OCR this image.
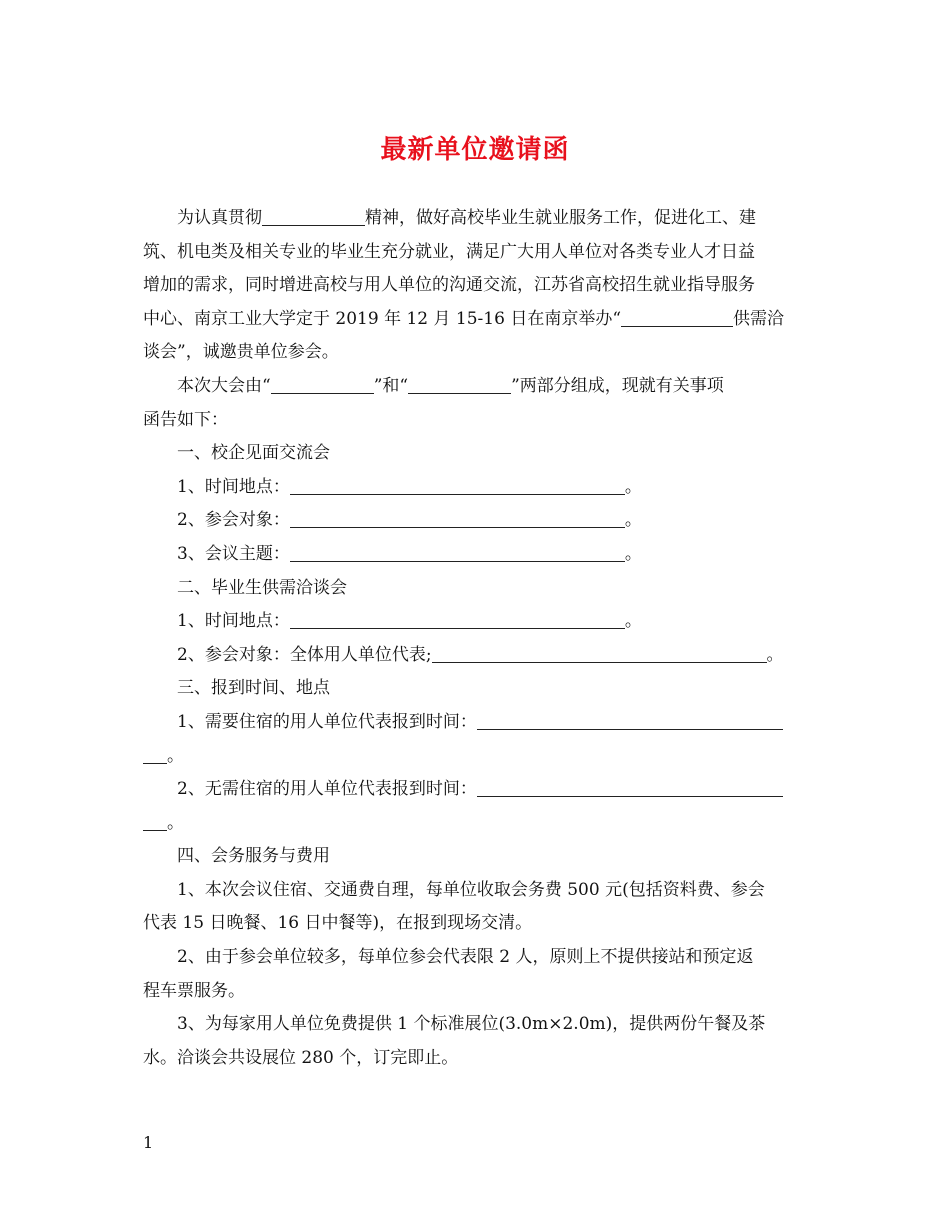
最新单位邀请函
为认真贯彻	精神，做好高校毕业生就业服务工作，促进化工、建
筑、机电类及相关专业的毕业生充分就业，满足广大用人单位对各类专业人才日益
增加的需求，同时增进高校与用人单位的沟通交流，江苏省高校招生就业指导服务
中心、南京工业大学定于 2019 年 12 月 15-16 日在南京举办“	供需洽
谈会”，诚邀贵单位参会。
本次大会由“	”和“	”两部分组成，现就有关事项
函告如下：
一、校企见面交流会
1、时间地点：	。
2、参会对象：	。
3、会议主题：	。
二、毕业生供需洽谈会
1、时间地点：	。
2、参会对象：全体用人单位代表;	。
三、报到时间、地点
1、需要住宿的用人单位代表报到时间：
。
2、无需住宿的用人单位代表报到时间：
。
四、会务服务与费用
1、本次会议住宿、交通费自理，每单位收取会务费 500 元(包括资料费、参会
代表 15 日晚餐、16 日中餐等)，在报到现场交清。
2、由于参会单位较多，每单位参会代表限 2 人，原则上不提供接站和预定返
程车票服务。
3、为每家用人单位免费提供 1 个标准展位(3.0m×2.0m)，提供两份午餐及茶
水。洽谈会共设展位 280 个，订完即止。
1
